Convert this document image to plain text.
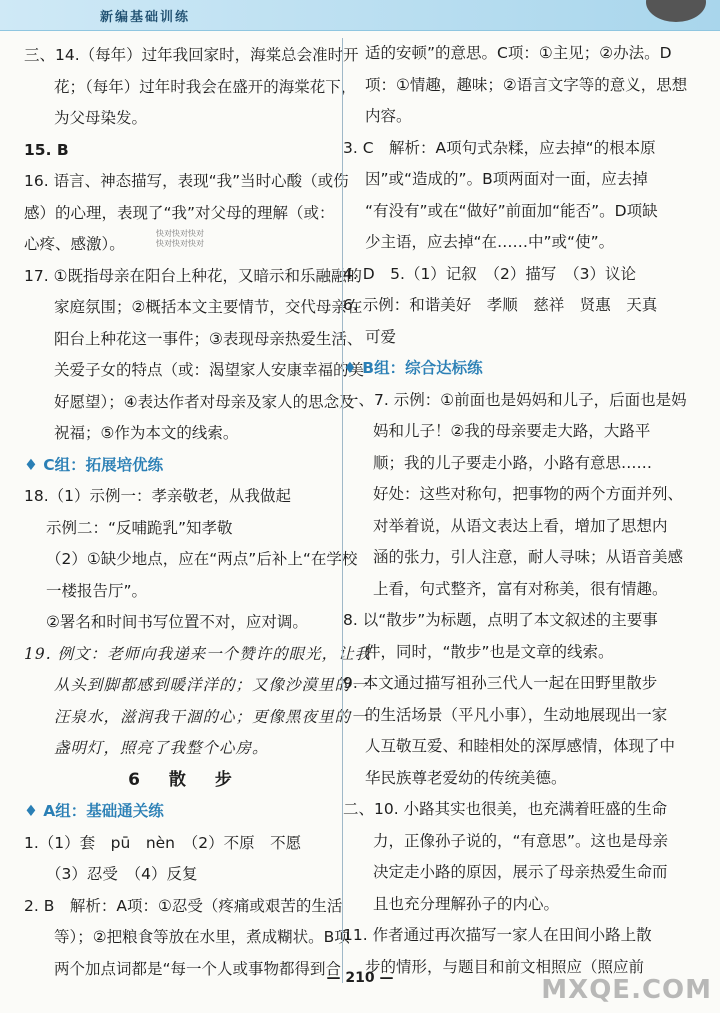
新编基础训练
三、14.（每年）过年我回家时，海棠总会准时开
花；（每年）过年时我会在盛开的海棠花下，
为父母染发。
15. B
16. 语言、神态描写，表现“我”当时心酸（或伤
感）的心理，表现了“我”对父母的理解（或：
心疼、感激）。
17. ①既指母亲在阳台上种花，又暗示和乐融融的
家庭氛围；②概括本文主要情节，交代母亲在
阳台上种花这一事件；③表现母亲热爱生活、
关爱子女的特点（或：渴望家人安康幸福的美
好愿望）；④表达作者对母亲及家人的思念及
祝福；⑤作为本文的线索。
♦ C组：拓展培优练
18.（1）示例一：孝亲敬老，从我做起
示例二：“反哺跪乳”知孝敬
（2）①缺少地点，应在“两点”后补上“在学校
一楼报告厅”。
②署名和时间书写位置不对，应对调。
19. 例文：老师向我递来一个赞许的眼光，让我
从头到脚都感到暖洋洋的；又像沙漠里的一
汪泉水，滋润我干涸的心；更像黑夜里的一
盏明灯，照亮了我整个心房。
6　散　步
♦ A组：基础通关练
1.（1）套　pū　nèn　（2）不原　不愿
（3）忍受　（4）反复
2. B　解析：A项：①忍受（疼痛或艰苦的生活
等）；②把粮食等放在水里，煮成糊状。B项
两个加点词都是“每一个人或事物都得到合
适的安顿”的意思。C项：①主见；②办法。D
项：①情趣，趣味；②语言文字等的意义，思想
内容。
3. C　解析：A项句式杂糅，应去掉“的根本原
因”或“造成的”。B项两面对一面，应去掉
“有没有”或在“做好”前面加“能否”。D项缺
少主语，应去掉“在……中”或“使”。
4. D　5.（1）记叙　（2）描写　（3）议论
6. 示例：和谐美好　孝顺　慈祥　贤惠　天真
可爱
♦ B组：综合达标练
一、7. 示例：①前面也是妈妈和儿子，后面也是妈
妈和儿子！②我的母亲要走大路，大路平
顺；我的儿子要走小路，小路有意思……
好处：这些对称句，把事物的两个方面并列、
对举着说，从语文表达上看，增加了思想内
涵的张力，引人注意，耐人寻味；从语音美感
上看，句式整齐，富有对称美，很有情趣。
8. 以“散步”为标题，点明了本文叙述的主要事
件，同时，“散步”也是文章的线索。
9. 本文通过描写祖孙三代人一起在田野里散步
的生活场景（平凡小事），生动地展现出一家
人互敬互爱、和睦相处的深厚感情，体现了中
华民族尊老爱幼的传统美德。
二、10. 小路其实也很美，也充满着旺盛的生命
力，正像孙子说的，“有意思”。这也是母亲
决定走小路的原因，展示了母亲热爱生命而
且也充分理解孙子的内心。
11. 作者通过再次描写一家人在田间小路上散
步的情形，与题目和前文相照应（照应前
快对快对快对
快对快对快对
— 210 —	MXQE.COM
